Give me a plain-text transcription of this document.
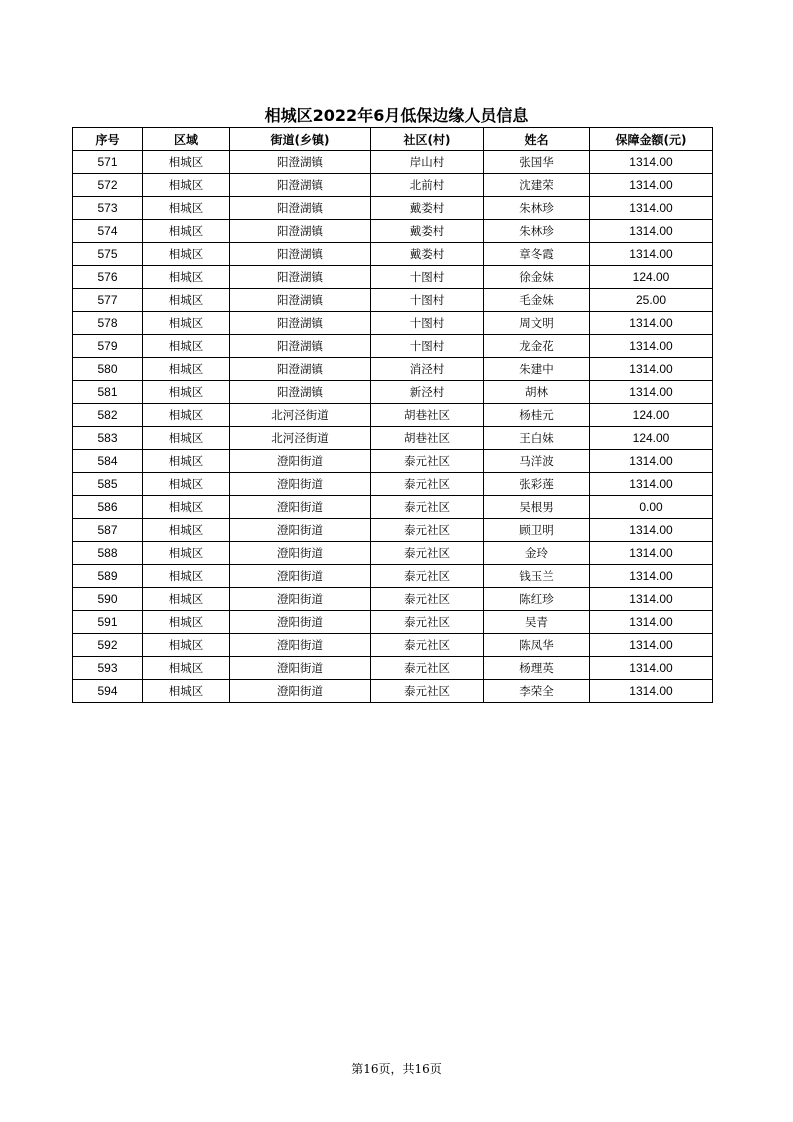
相城区2022年6月低保边缘人员信息
序号	区域	街道(乡镇)	社区(村)	姓名	保障金额(元)
571	相城区	阳澄湖镇	岸山村	张国华	1314.00
572	相城区	阳澄湖镇	北前村	沈建荣	1314.00
573	相城区	阳澄湖镇	戴娄村	朱林珍	1314.00
574	相城区	阳澄湖镇	戴娄村	朱林珍	1314.00
575	相城区	阳澄湖镇	戴娄村	章冬霞	1314.00
576	相城区	阳澄湖镇	十图村	徐金妹	124.00
577	相城区	阳澄湖镇	十图村	毛金妹	25.00
578	相城区	阳澄湖镇	十图村	周文明	1314.00
579	相城区	阳澄湖镇	十图村	龙金花	1314.00
580	相城区	阳澄湖镇	消泾村	朱建中	1314.00
581	相城区	阳澄湖镇	新泾村	胡林	1314.00
582	相城区	北河泾街道	胡巷社区	杨桂元	124.00
583	相城区	北河泾街道	胡巷社区	王白妹	124.00
584	相城区	澄阳街道	泰元社区	马洋波	1314.00
585	相城区	澄阳街道	泰元社区	张彩莲	1314.00
586	相城区	澄阳街道	泰元社区	吴根男	0.00
587	相城区	澄阳街道	泰元社区	顾卫明	1314.00
588	相城区	澄阳街道	泰元社区	金玲	1314.00
589	相城区	澄阳街道	泰元社区	钱玉兰	1314.00
590	相城区	澄阳街道	泰元社区	陈红珍	1314.00
591	相城区	澄阳街道	泰元社区	吴青	1314.00
592	相城区	澄阳街道	泰元社区	陈凤华	1314.00
593	相城区	澄阳街道	泰元社区	杨理英	1314.00
594	相城区	澄阳街道	泰元社区	李荣全	1314.00
第16页，共16页
